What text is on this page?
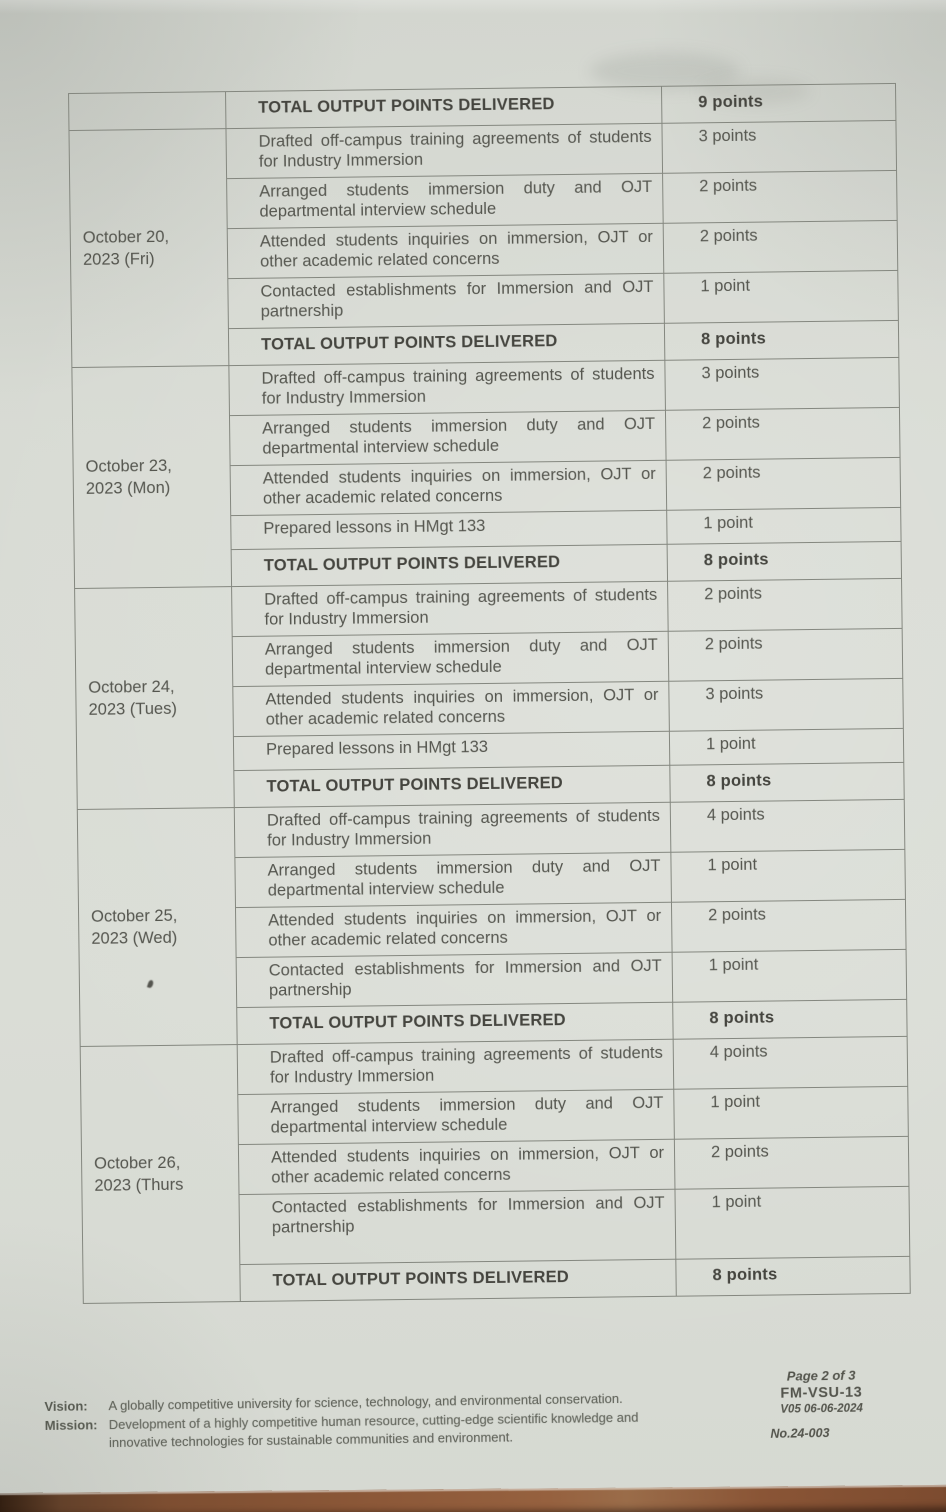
	TOTAL OUTPUT POINTS DELIVERED	9 points

October 20,
2023 (Fri)	Drafted off-campus training agreements of students for Industry Immersion	3 points
	Arranged students immersion duty and OJT departmental interview schedule	2 points
	Attended students inquiries on immersion, OJT or other academic related concerns	2 points
	Contacted establishments for Immersion and OJT partnership	1 point
	TOTAL OUTPUT POINTS DELIVERED	8 points

October 23,
2023 (Mon)	Drafted off-campus training agreements of students for Industry Immersion	3 points
	Arranged students immersion duty and OJT departmental interview schedule	2 points
	Attended students inquiries on immersion, OJT or other academic related concerns	2 points
	Prepared lessons in HMgt 133	1 point
	TOTAL OUTPUT POINTS DELIVERED	8 points

October 24,
2023 (Tues)	Drafted off-campus training agreements of students for Industry Immersion	2 points
	Arranged students immersion duty and OJT departmental interview schedule	2 points
	Attended students inquiries on immersion, OJT or other academic related concerns	3 points
	Prepared lessons in HMgt 133	1 point
	TOTAL OUTPUT POINTS DELIVERED	8 points

October 25,
2023 (Wed)	Drafted off-campus training agreements of students for Industry Immersion	4 points
	Arranged students immersion duty and OJT departmental interview schedule	1 point
	Attended students inquiries on immersion, OJT or other academic related concerns	2 points
	Contacted establishments for Immersion and OJT partnership	1 point
	TOTAL OUTPUT POINTS DELIVERED	8 points

October 26,
2023 (Thurs	Drafted off-campus training agreements of students for Industry Immersion	4 points
	Arranged students immersion duty and OJT departmental interview schedule	1 point
	Attended students inquiries on immersion, OJT or other academic related concerns	2 points
	Contacted establishments for Immersion and OJT partnership	1 point
	TOTAL OUTPUT POINTS DELIVERED	8 points
Vision:	A globally competitive university for science, technology, and environmental conservation.
Mission: Development of a highly competitive human resource, cutting-edge scientific knowledge and innovative technologies for sustainable communities and environment.
Page 2 of 3
FM-VSU-13
V05 06-06-2024
No.24-003
